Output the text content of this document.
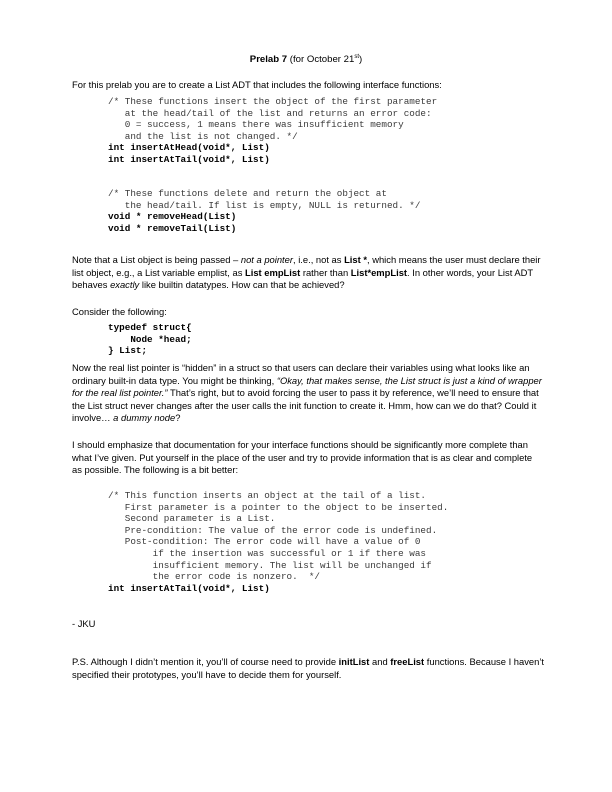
Prelab 7 (for October 21st)

For this prelab you are to create a List ADT that includes the following interface functions:

/* These functions insert the object of the first parameter
at the head/tail of the list and returns an error code:
0 = success, 1 means there was insufficient memory
and the list is not changed. */
int insertAtHead(void*, List)
int insertAtTail(void*, List)
/* These functions delete and return the object at
the head/tail. If list is empty, NULL is returned. */
void * removeHead(List)
void * removeTail(List)

Note that a List object is being passed – not a pointer, i.e., not as List *, which means the user must declare their list object, e.g., a List variable emplist, as List empList rather than List*empList. In other words, your List ADT behaves exactly like builtin datatypes. How can that be achieved?

Consider the following:

typedef struct{
Node *head;
} List;

Now the real list pointer is “hidden” in a struct so that users can declare their variables using what looks like an ordinary built-in data type. You might be thinking, “Okay, that makes sense, the List struct is just a kind of wrapper for the real list pointer.” That’s right, but to avoid forcing the user to pass it by reference, we’ll need to ensure that the List struct never changes after the user calls the init function to create it. Hmm, how can we do that? Could it involve… a dummy node?

I should emphasize that documentation for your interface functions should be significantly more complete than what I’ve given. Put yourself in the place of the user and try to provide information that is as clear and complete as possible. The following is a bit better:

/* This function inserts an object at the tail of a list.
First parameter is a pointer to the object to be inserted.
Second parameter is a List.
Pre-condition: The value of the error code is undefined.
Post-condition: The error code will have a value of 0
if the insertion was successful or 1 if there was
insufficient memory. The list will be unchanged if
the error code is nonzero.  */
int insertAtTail(void*, List)

- JKU

P.S. Although I didn’t mention it, you’ll of course need to provide initList and freeList functions. Because I haven’t specified their prototypes, you’ll have to decide them for yourself.
